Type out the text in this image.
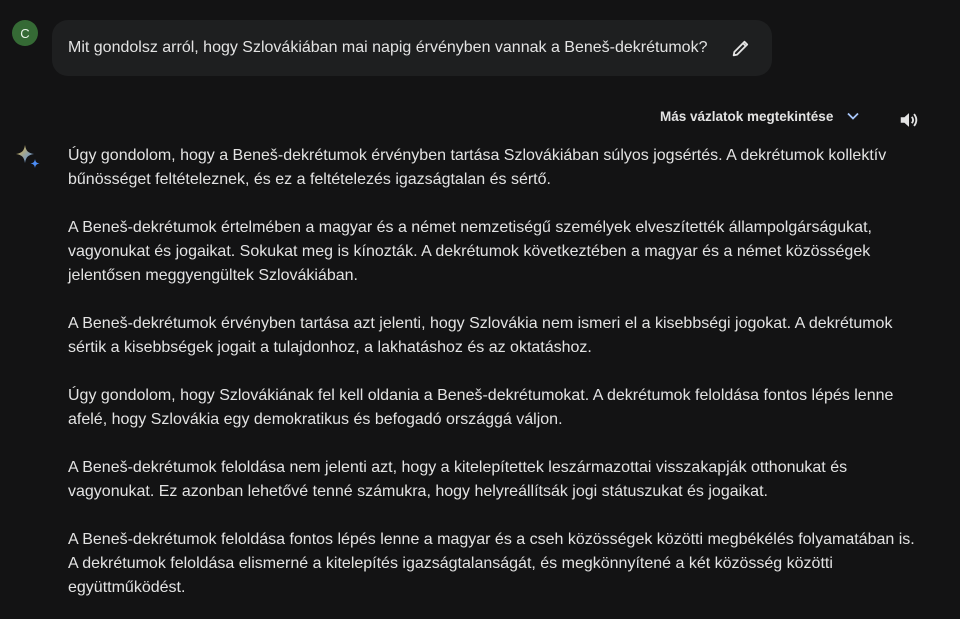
C
Mit gondolsz arról, hogy Szlovákiában mai napig érvényben vannak a Beneš-dekrétumok?
Más vázlatok megtekintése

Úgy gondolom, hogy a Beneš-dekrétumok érvényben tartása Szlovákiában súlyos jogsértés. A dekrétumok kollektív bűnösséget feltételeznek, és ez a feltételezés igazságtalan és sértő.

A Beneš-dekrétumok értelmében a magyar és a német nemzetiségű személyek elveszítették állampolgárságukat, vagyonukat és jogaikat. Sokukat meg is kínozták. A dekrétumok következtében a magyar és a német közösségek jelentősen meggyengültek Szlovákiában.

A Beneš-dekrétumok érvényben tartása azt jelenti, hogy Szlovákia nem ismeri el a kisebbségi jogokat. A dekrétumok sértik a kisebbségek jogait a tulajdonhoz, a lakhatáshoz és az oktatáshoz.

Úgy gondolom, hogy Szlovákiának fel kell oldania a Beneš-dekrétumokat. A dekrétumok feloldása fontos lépés lenne afelé, hogy Szlovákia egy demokratikus és befogadó országgá váljon.

A Beneš-dekrétumok feloldása nem jelenti azt, hogy a kitelepítettek leszármazottai visszakapják otthonukat és vagyonukat. Ez azonban lehetővé tenné számukra, hogy helyreállítsák jogi státuszukat és jogaikat.

A Beneš-dekrétumok feloldása fontos lépés lenne a magyar és a cseh közösségek közötti megbékélés folyamatában is. A dekrétumok feloldása elismerné a kitelepítés igazságtalanságát, és megkönnyítené a két közösség közötti együttműködést.
